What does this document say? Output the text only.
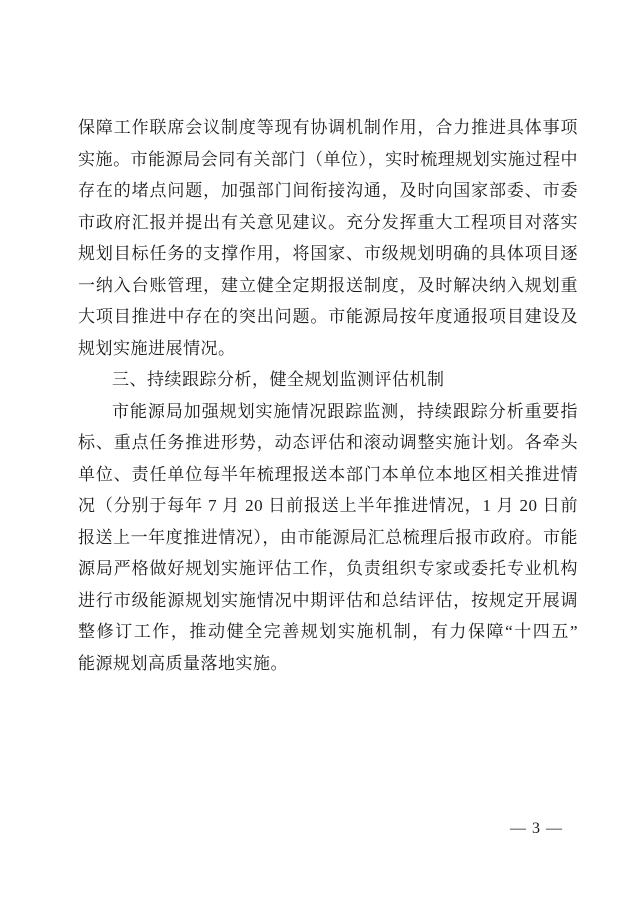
保障工作联席会议制度等现有协调机制作用，合力推进具体事项
实施。市能源局会同有关部门（单位），实时梳理规划实施过程中
存在的堵点问题，加强部门间衔接沟通，及时向国家部委、市委
市政府汇报并提出有关意见建议。充分发挥重大工程项目对落实
规划目标任务的支撑作用，将国家、市级规划明确的具体项目逐
一纳入台账管理，建立健全定期报送制度，及时解决纳入规划重
大项目推进中存在的突出问题。市能源局按年度通报项目建设及
规划实施进展情况。
三、持续跟踪分析，健全规划监测评估机制
市能源局加强规划实施情况跟踪监测，持续跟踪分析重要指
标、重点任务推进形势，动态评估和滚动调整实施计划。各牵头
单位、责任单位每半年梳理报送本部门本单位本地区相关推进情
况（分别于每年 7 月 20 日前报送上半年推进情况，1 月 20 日前
报送上一年度推进情况），由市能源局汇总梳理后报市政府。市能
源局严格做好规划实施评估工作，负责组织专家或委托专业机构
进行市级能源规划实施情况中期评估和总结评估，按规定开展调
整修订工作，推动健全完善规划实施机制，有力保障“十四五”
能源规划高质量落地实施。
— 3 —
